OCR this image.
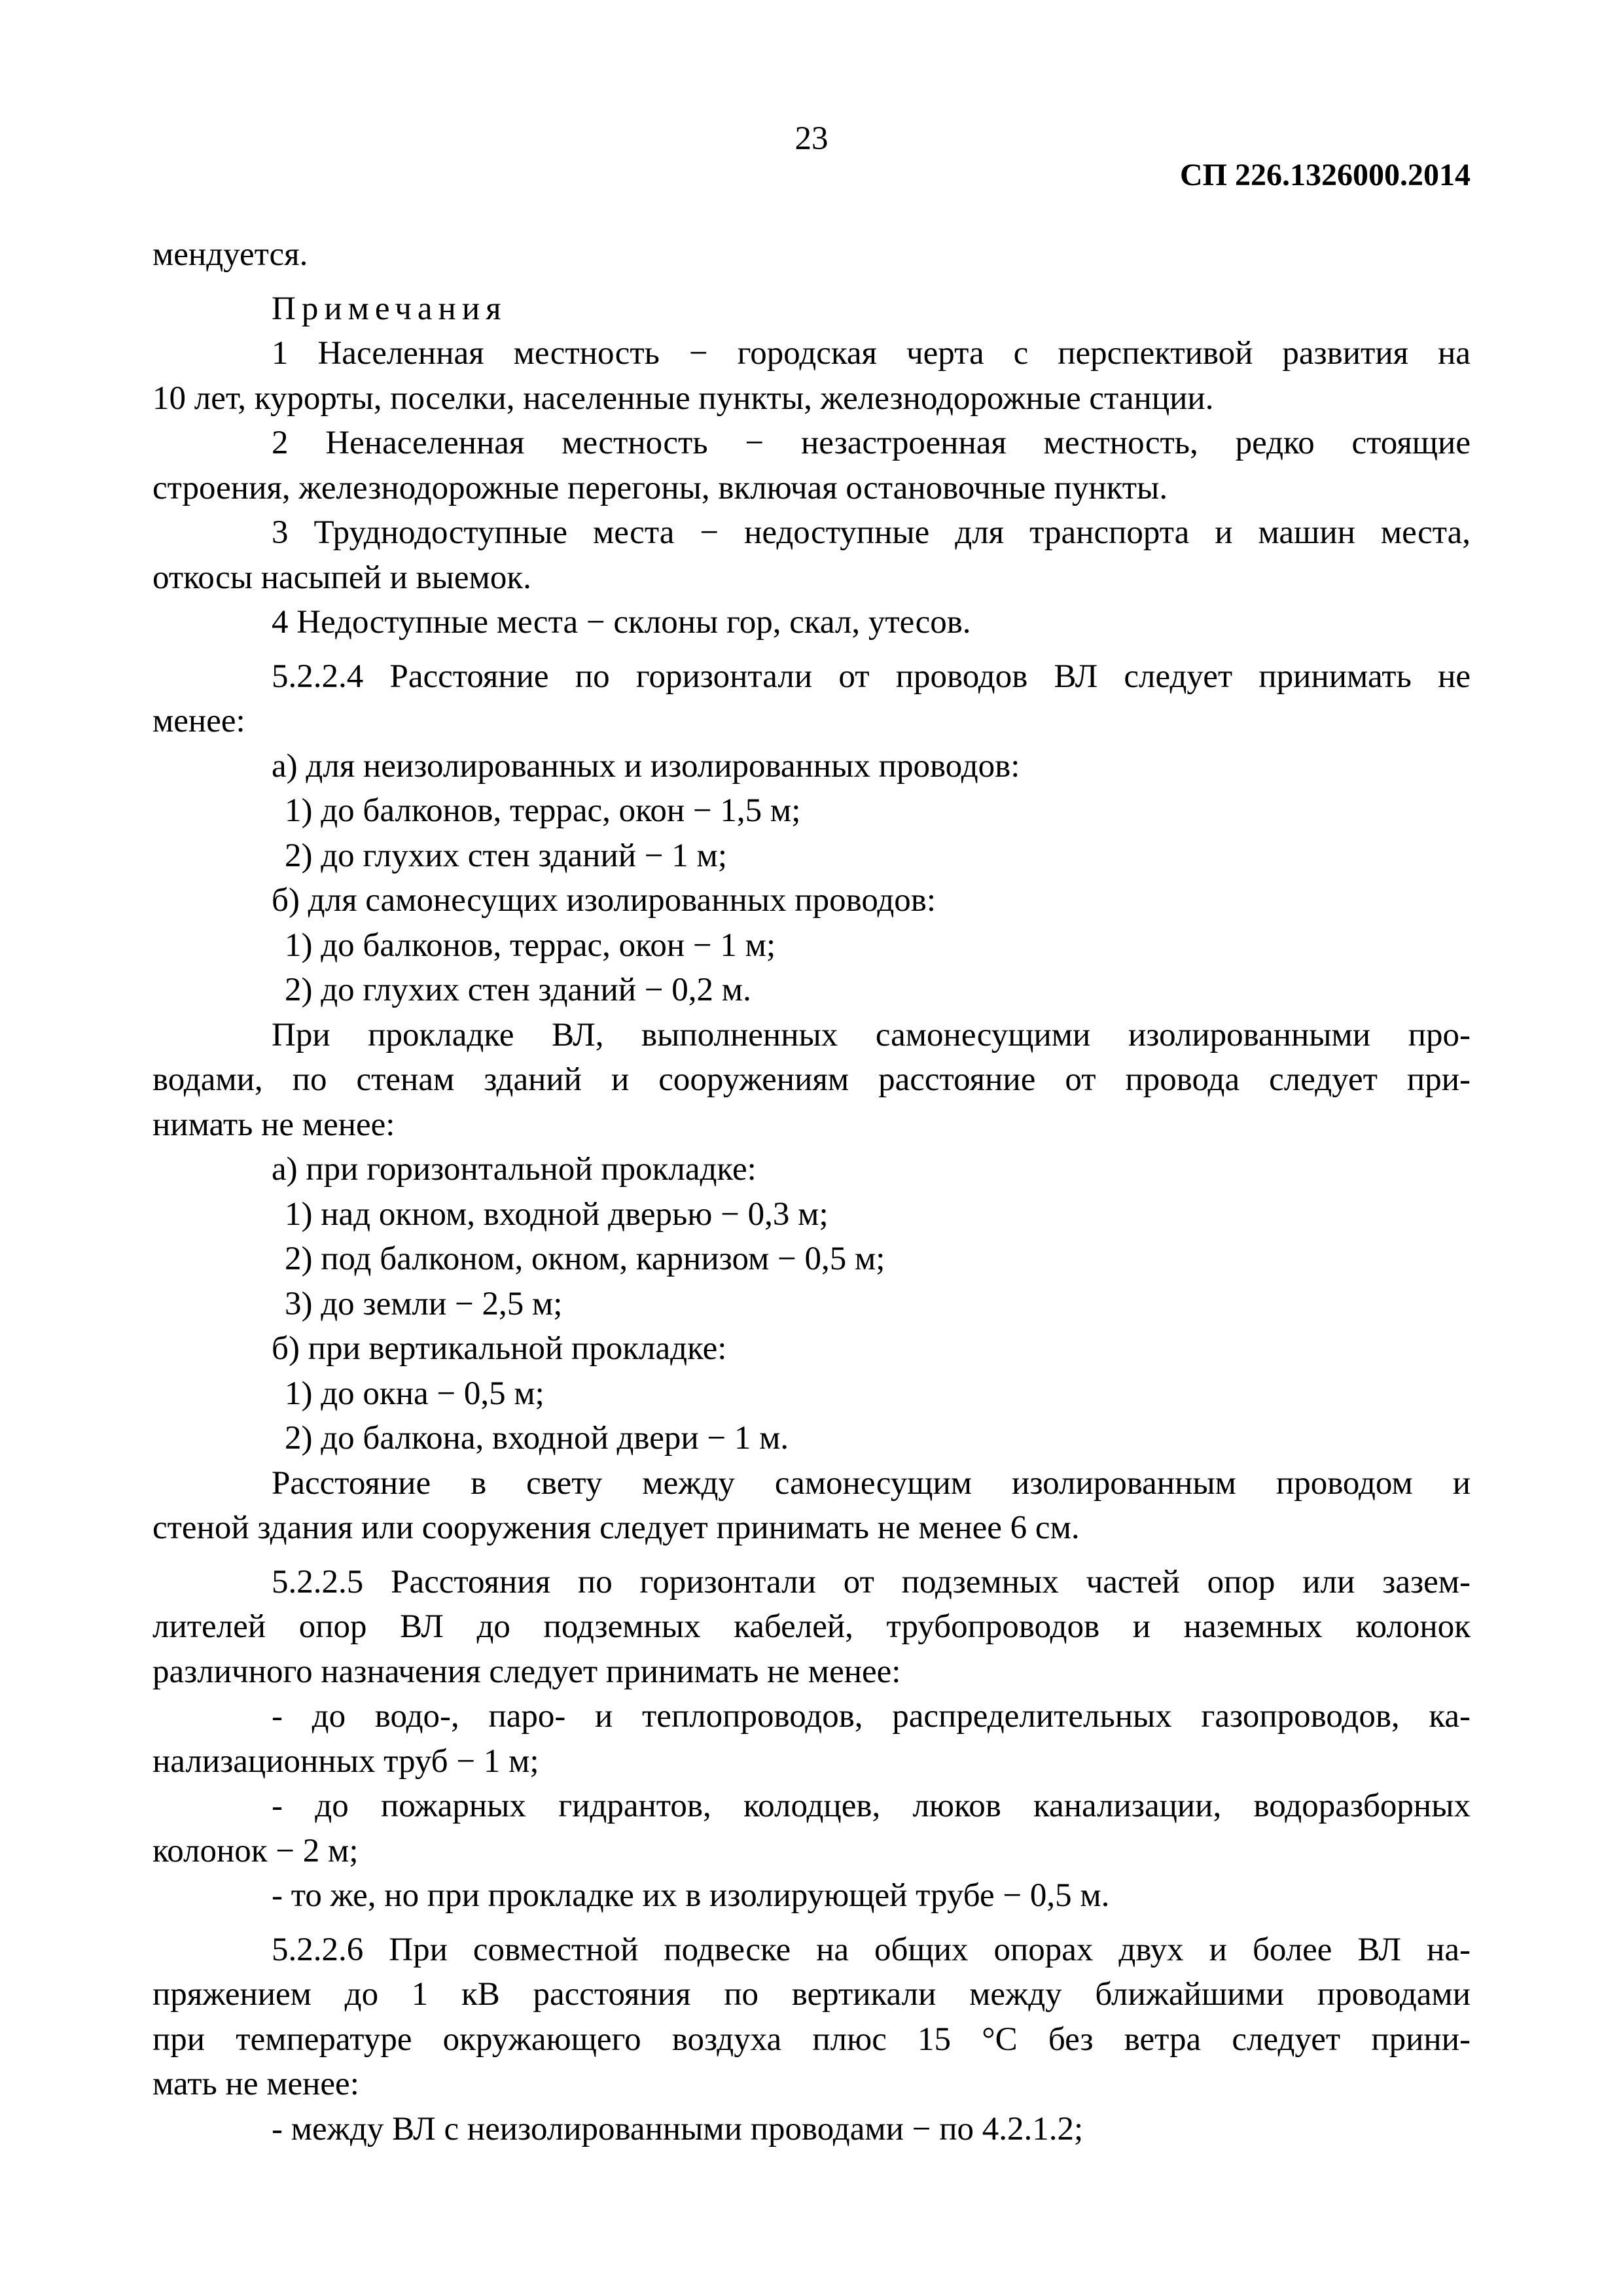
23
СП 226.1326000.2014

мендуется.

Примечания

1 Населенная местность − городская черта с перспективой развития на

10 лет, курорты, поселки, населенные пункты, железнодорожные станции.

2 Ненаселенная местность − незастроенная местность, редко стоящие

строения, железнодорожные перегоны, включая остановочные пункты.

3 Труднодоступные места − недоступные для транспорта и машин места,

откосы насыпей и выемок.

4 Недоступные места − склоны гор, скал, утесов.

5.2.2.4 Расстояние по горизонтали от проводов ВЛ следует принимать не

менее:

а) для неизолированных и изолированных проводов:

1) до балконов, террас, окон − 1,5 м;

2) до глухих стен зданий − 1 м;

б) для самонесущих изолированных проводов:

1) до балконов, террас, окон − 1 м;

2) до глухих стен зданий − 0,2 м.

При прокладке ВЛ, выполненных самонесущими изолированными про-

водами, по стенам зданий и сооружениям расстояние от провода следует при-

нимать не менее:

а) при горизонтальной прокладке:

1) над окном, входной дверью − 0,3 м;

2) под балконом, окном, карнизом − 0,5 м;

3) до земли − 2,5 м;

б) при вертикальной прокладке:

1) до окна − 0,5 м;

2) до балкона, входной двери − 1 м.

Расстояние в свету между самонесущим изолированным проводом и

стеной здания или сооружения следует принимать не менее 6 см.

5.2.2.5 Расстояния по горизонтали от подземных частей опор или зазем-

лителей опор ВЛ до подземных кабелей, трубопроводов и наземных колонок

различного назначения следует принимать не менее:

- до водо-, паро- и теплопроводов, распределительных газопроводов, ка-

нализационных труб − 1 м;

- до пожарных гидрантов, колодцев, люков канализации, водоразборных

колонок − 2 м;

- то же, но при прокладке их в изолирующей трубе − 0,5 м.

5.2.2.6 При совместной подвеске на общих опорах двух и более ВЛ на-

пряжением до 1 кВ расстояния по вертикали между ближайшими проводами

при температуре окружающего воздуха плюс 15 °С без ветра следует прини-

мать не менее:

- между ВЛ с неизолированными проводами − по 4.2.1.2;
